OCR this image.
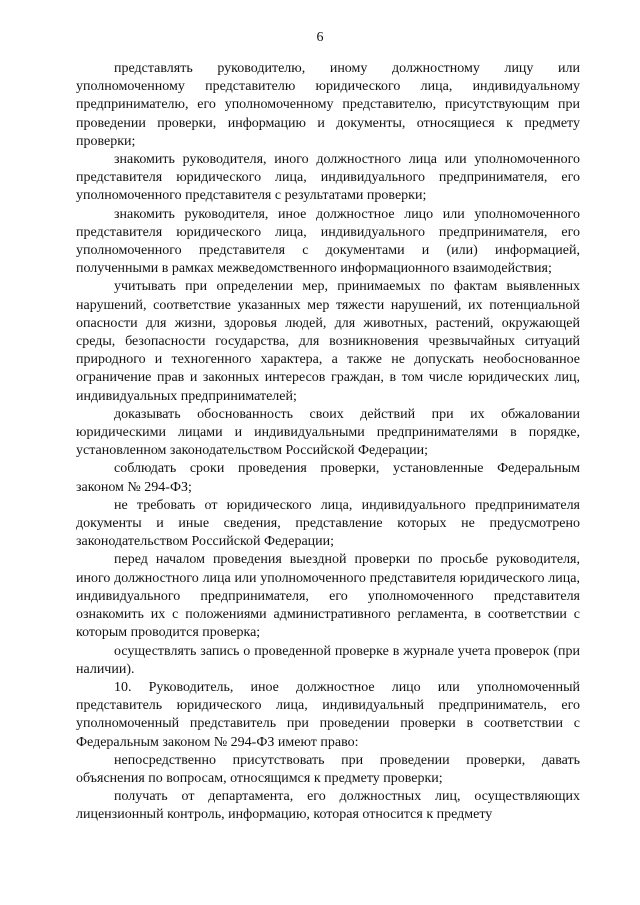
6

представлять руководителю, иному должностному лицу или уполномоченному представителю юридического лица, индивидуальному предпринимателю, его уполномоченному представителю, присутствующим при проведении проверки, информацию и документы, относящиеся к предмету проверки;

знакомить руководителя, иного должностного лица или уполномоченного представителя юридического лица, индивидуального предпринимателя, его уполномоченного представителя с результатами проверки;

знакомить руководителя, иное должностное лицо или уполномоченного представителя юридического лица, индивидуального предпринимателя, его уполномоченного представителя с документами и (или) информацией, полученными в рамках межведомственного информационного взаимодействия;

учитывать при определении мер, принимаемых по фактам выявленных нарушений, соответствие указанных мер тяжести нарушений, их потенциальной опасности для жизни, здоровья людей, для животных, растений, окружающей среды, безопасности государства, для возникновения чрезвычайных ситуаций природного и техногенного характера, а также не допускать необоснованное ограничение прав и законных интересов граждан, в том числе юридических лиц, индивидуальных предпринимателей;

доказывать обоснованность своих действий при их обжаловании юридическими лицами и индивидуальными предпринимателями в порядке, установленном законодательством Российской Федерации;

соблюдать сроки проведения проверки, установленные Федеральным законом № 294-ФЗ;

не требовать от юридического лица, индивидуального предпринимателя документы и иные сведения, представление которых не предусмотрено законодательством Российской Федерации;

перед началом проведения выездной проверки по просьбе руководителя, иного должностного лица или уполномоченного представителя юридического лица, индивидуального предпринимателя, его уполномоченного представителя ознакомить их с положениями административного регламента, в соответствии с которым проводится проверка;

осуществлять запись о проведенной проверке в журнале учета проверок (при наличии).

10. Руководитель, иное должностное лицо или уполномоченный представитель юридического лица, индивидуальный предприниматель, его уполномоченный представитель при проведении проверки в соответствии с Федеральным законом № 294-ФЗ имеют право:

непосредственно присутствовать при проведении проверки, давать объяснения по вопросам, относящимся к предмету проверки;

получать от департамента, его должностных лиц, осуществляющих лицензионный контроль, информацию, которая относится к предмету
